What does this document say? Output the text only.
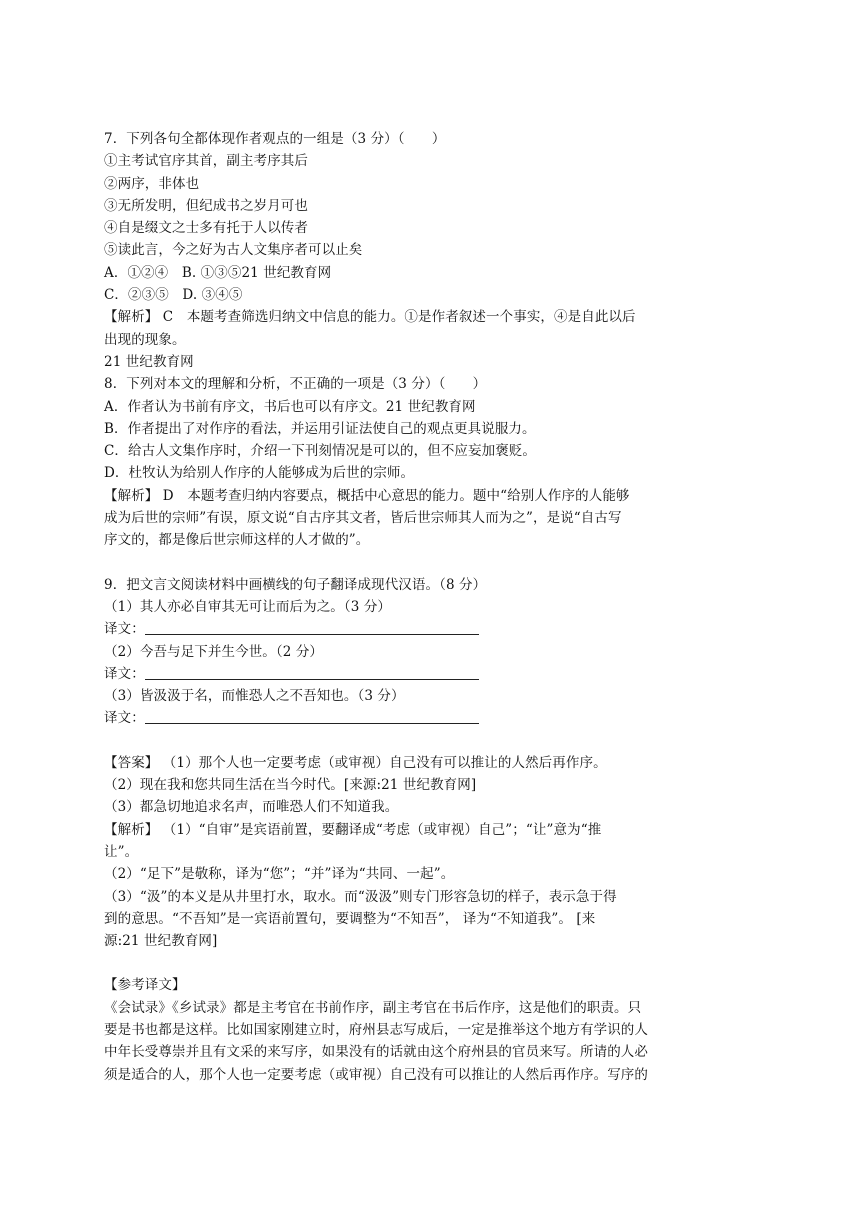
7．下列各句全都体现作者观点的一组是（3 分）（　　）
①主考试官序其首，副主考序其后
②两序，非体也
③无所发明，但纪成书之岁月可也
④自是缀文之士多有托于人以传者
⑤读此言，今之好为古人文集序者可以止矣
A．①②④　B. ①③⑤21 世纪教育网
C．②③⑤　D. ③④⑤
【解析】 C　本题考查筛选归纳文中信息的能力。①是作者叙述一个事实，④是自此以后
出现的现象。
21 世纪教育网
8．下列对本文的理解和分析，不正确的一项是（3 分）（　　）
A．作者认为书前有序文，书后也可以有序文。21 世纪教育网
B．作者提出了对作序的看法，并运用引证法使自己的观点更具说服力。
C．给古人文集作序时，介绍一下刊刻情况是可以的，但不应妄加褒贬。
D．杜牧认为给别人作序的人能够成为后世的宗师。
【解析】 D　本题考查归纳内容要点，概括中心意思的能力。题中“给别人作序的人能够
成为后世的宗师”有误，原文说“自古序其文者，皆后世宗师其人而为之”，是说“自古写
序文的，都是像后世宗师这样的人才做的”。
9．把文言文阅读材料中画横线的句子翻译成现代汉语。（8 分）
（1）其人亦必自审其无可让而后为之。（3 分）
译文：
（2）今吾与足下并生今世。（2 分）
译文：
（3）皆汲汲于名，而惟恐人之不吾知也。（3 分）
译文：
【答案】 （1）那个人也一定要考虑（或审视）自己没有可以推让的人然后再作序。
（2）现在我和您共同生活在当今时代。[来源:21 世纪教育网]
（3）都急切地追求名声，而唯恐人们不知道我。
【解析】 （1）“自审”是宾语前置，要翻译成“考虑（或审视）自己”；“让”意为“推
让”。
（2）“足下”是敬称，译为“您”；“并”译为“共同、一起”。
（3）“汲”的本义是从井里打水，取水。而“汲汲”则专门形容急切的样子，表示急于得
到的意思。“不吾知”是一宾语前置句，要调整为“不知吾”， 译为“不知道我”。 [来
源:21 世纪教育网]
【参考译文】
《会试录》《乡试录》都是主考官在书前作序，副主考官在书后作序，这是他们的职责。只
要是书也都是这样。比如国家刚建立时，府州县志写成后，一定是推举这个地方有学识的人
中年长受尊崇并且有文采的来写序，如果没有的话就由这个府州县的官员来写。所请的人必
须是适合的人，那个人也一定要考虑（或审视）自己没有可以推让的人然后再作序。写序的
